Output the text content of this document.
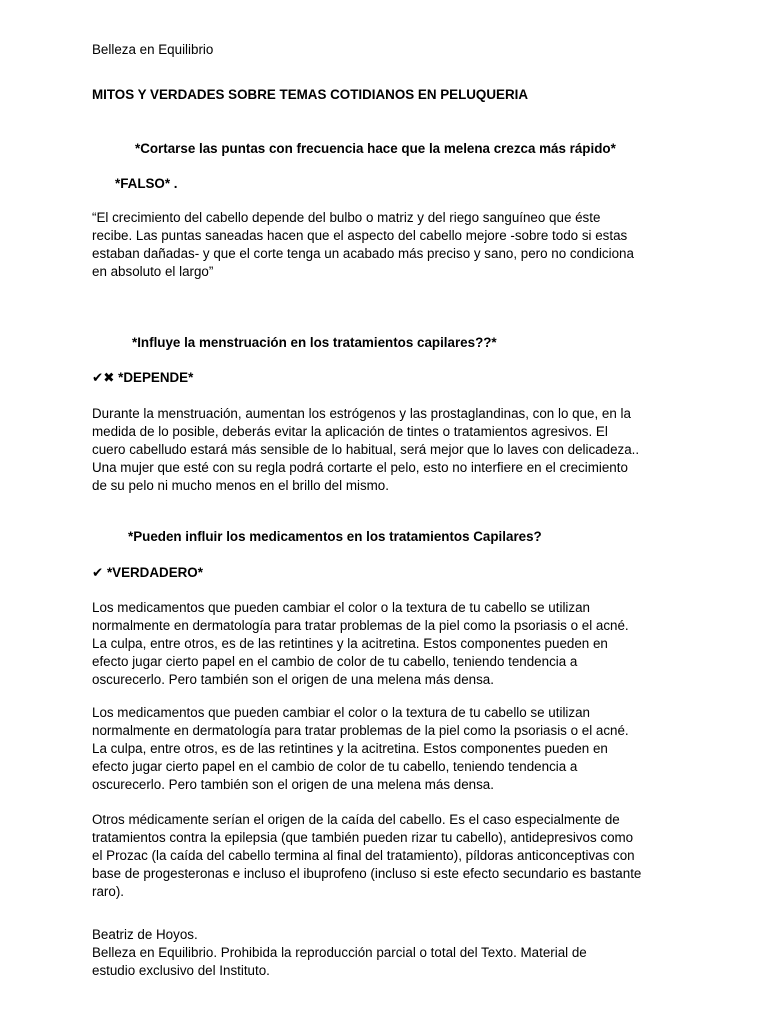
Belleza en Equilibrio
MITOS Y VERDADES SOBRE TEMAS COTIDIANOS EN PELUQUERIA
*Cortarse las puntas con frecuencia hace que la melena crezca más rápido*
*FALSO* .
“El crecimiento del cabello depende del bulbo o matriz y del riego sanguíneo que éste
recibe. Las puntas saneadas hacen que el aspecto del cabello mejore -sobre todo si estas
estaban dañadas- y que el corte tenga un acabado más preciso y sano, pero no condiciona
en absoluto el largo”
*Influye la menstruación en los tratamientos capilares??*
✔✖ *DEPENDE*
Durante la menstruación, aumentan los estrógenos y las prostaglandinas, con lo que, en la
medida de lo posible, deberás evitar la aplicación de tintes o tratamientos agresivos. El
cuero cabelludo estará más sensible de lo habitual, será mejor que lo laves con delicadeza..
Una mujer que esté con su regla podrá cortarte el pelo, esto no interfiere en el crecimiento
de su pelo ni mucho menos en el brillo del mismo.
*Pueden influir los medicamentos en los tratamientos Capilares?
✔ *VERDADERO*
Los medicamentos que pueden cambiar el color o la textura de tu cabello se utilizan
normalmente en dermatología para tratar problemas de la piel como la psoriasis o el acné.
La culpa, entre otros, es de las retintines y la acitretina. Estos componentes pueden en
efecto jugar cierto papel en el cambio de color de tu cabello, teniendo tendencia a
oscurecerlo. Pero también son el origen de una melena más densa.
Los medicamentos que pueden cambiar el color o la textura de tu cabello se utilizan
normalmente en dermatología para tratar problemas de la piel como la psoriasis o el acné.
La culpa, entre otros, es de las retintines y la acitretina. Estos componentes pueden en
efecto jugar cierto papel en el cambio de color de tu cabello, teniendo tendencia a
oscurecerlo. Pero también son el origen de una melena más densa.
Otros médicamente serían el origen de la caída del cabello. Es el caso especialmente de
tratamientos contra la epilepsia (que también pueden rizar tu cabello), antidepresivos como
el Prozac (la caída del cabello termina al final del tratamiento), píldoras anticonceptivas con
base de progesteronas e incluso el ibuprofeno (incluso si este efecto secundario es bastante
raro).
Beatriz de Hoyos.
Belleza en Equilibrio. Prohibida la reproducción parcial o total del Texto. Material de
estudio exclusivo del Instituto.
